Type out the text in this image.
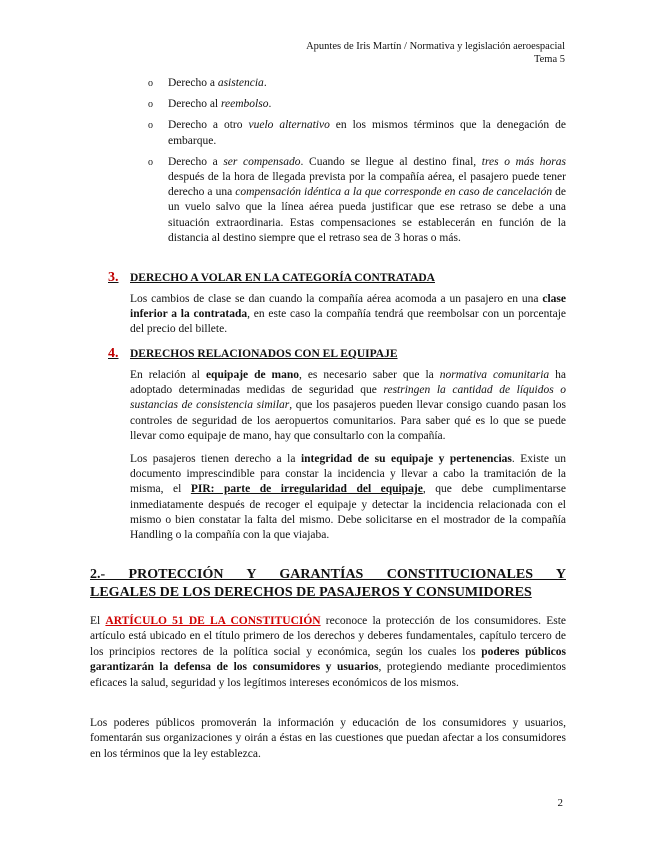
Apuntes de Iris Martín / Normativa y legislación aeroespacial
Tema 5
o Derecho a asistencia.
o Derecho al reembolso.
o Derecho a otro vuelo alternativo en los mismos términos que la denegación de embarque.
o Derecho a ser compensado. Cuando se llegue al destino final, tres o más horas después de la hora de llegada prevista por la compañía aérea, el pasajero puede tener derecho a una compensación idéntica a la que corresponde en caso de cancelación de un vuelo salvo que la línea aérea pueda justificar que ese retraso se debe a una situación extraordinaria. Estas compensaciones se establecerán en función de la distancia al destino siempre que el retraso sea de 3 horas o más.
3.	DERECHO A VOLAR EN LA CATEGORÍA CONTRATADA

Los cambios de clase se dan cuando la compañía aérea acomoda a un pasajero en una clase inferior a la contratada, en este caso la compañía tendrá que reembolsar con un porcentaje del precio del billete.

4.	DERECHOS RELACIONADOS CON EL EQUIPAJE

En relación al equipaje de mano, es necesario saber que la normativa comunitaria ha adoptado determinadas medidas de seguridad que restringen la cantidad de líquidos o sustancias de consistencia similar, que los pasajeros pueden llevar consigo cuando pasan los controles de seguridad de los aeropuertos comunitarios. Para saber qué es lo que se puede llevar como equipaje de mano, hay que consultarlo con la compañía.

Los pasajeros tienen derecho a la integridad de su equipaje y pertenencias. Existe un documento imprescindible para constar la incidencia y llevar a cabo la tramitación de la misma, el PIR: parte de irregularidad del equipaje, que debe cumplimentarse inmediatamente después de recoger el equipaje y detectar la incidencia relacionada con el mismo o bien constatar la falta del mismo. Debe solicitarse en el mostrador de la compañía Handling o la compañía con la que viajaba.

2.- PROTECCIÓN Y GARANTÍAS CONSTITUCIONALES Y
LEGALES DE LOS DERECHOS DE PASAJEROS Y CONSUMIDORES
El ARTÍCULO 51 DE LA CONSTITUCIÓN reconoce la protección de los consumidores. Este artículo está ubicado en el título primero de los derechos y deberes fundamentales, capítulo tercero de los principios rectores de la política social y económica, según los cuales los poderes públicos garantizarán la defensa de los consumidores y usuarios, protegiendo mediante procedimientos eficaces la salud, seguridad y los legítimos intereses económicos de los mismos.
Los poderes públicos promoverán la información y educación de los consumidores y usuarios, fomentarán sus organizaciones y oirán a éstas en las cuestiones que puedan afectar a los consumidores en los términos que la ley establezca.
2
